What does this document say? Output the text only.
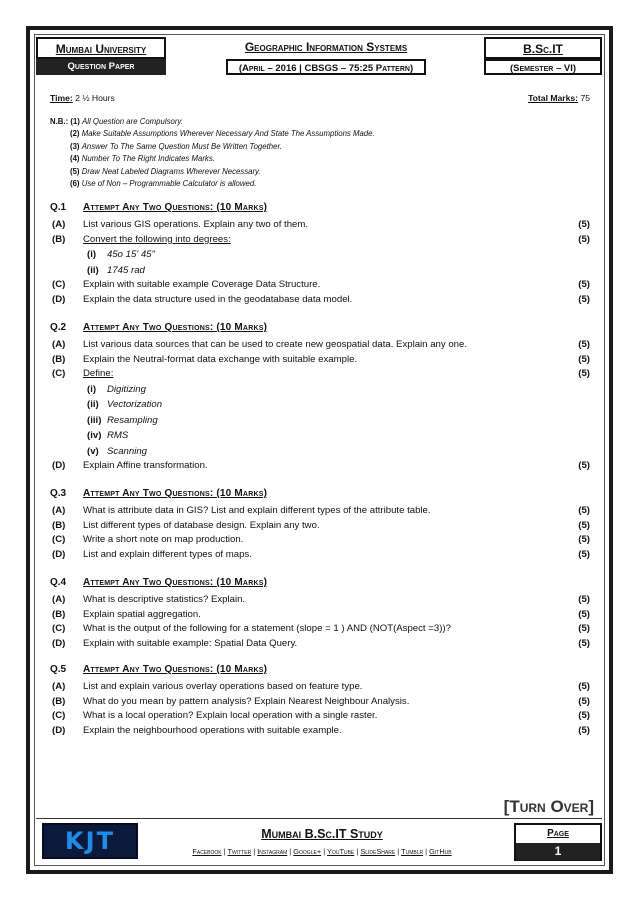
Mumbai University
Question Paper
Geographic Information Systems
(April – 2016 | CBSGS – 75:25 Pattern)
B.Sc.IT
(Semester – VI)
Time: 2 ½ Hours	Total Marks: 75
N.B.: (1) All Question are Compulsory.
(2) Make Suitable Assumptions Wherever Necessary And State The Assumptions Made.
(3) Answer To The Same Question Must Be Written Together.
(4) Number To The Right Indicates Marks.
(5) Draw Neat Labeled Diagrams Wherever Necessary.
(6) Use of Non – Programmable Calculator is allowed.
Q.1 Attempt Any Two Questions: (10 Marks)
(A) List various GIS operations. Explain any two of them.	(5)
(B) Convert the following into degrees:	(5)
(i) 45o 15' 45"
(ii) 1745 rad
(C) Explain with suitable example Coverage Data Structure.	(5)
(D) Explain the data structure used in the geodatabase data model.	(5)
Q.2 Attempt Any Two Questions: (10 Marks)
(A) List various data sources that can be used to create new geospatial data. Explain any one.	(5)
(B) Explain the Neutral-format data exchange with suitable example.	(5)
(C) Define:	(5)
(i) Digitizing
(ii) Vectorization
(iii) Resampling
(iv) RMS
(v) Scanning
(D) Explain Affine transformation.	(5)
Q.3 Attempt Any Two Questions: (10 Marks)
(A) What is attribute data in GIS? List and explain different types of the attribute table.	(5)
(B) List different types of database design. Explain any two.	(5)
(C) Write a short note on map production.	(5)
(D) List and explain different types of maps.	(5)
Q.4 Attempt Any Two Questions: (10 Marks)
(A) What is descriptive statistics? Explain.	(5)
(B) Explain spatial aggregation.	(5)
(C) What is the output of the following for a statement (slope = 1 ) AND (NOT(Aspect =3))?	(5)
(D) Explain with suitable example: Spatial Data Query.	(5)
Q.5 Attempt Any Two Questions: (10 Marks)
(A) List and explain various overlay operations based on feature type.	(5)
(B) What do you mean by pattern analysis? Explain Nearest Neighbour Analysis.	(5)
(C) What is a local operation? Explain local operation with a single raster.	(5)
(D) Explain the neighbourhood operations with suitable example.	(5)
[Turn Over]
KJT	Mumbai B.Sc.IT Study
Facebook | Twitter | Instagram | Google+ | YouTube | SlideShare | Tumblr | GitHub
Page
1
